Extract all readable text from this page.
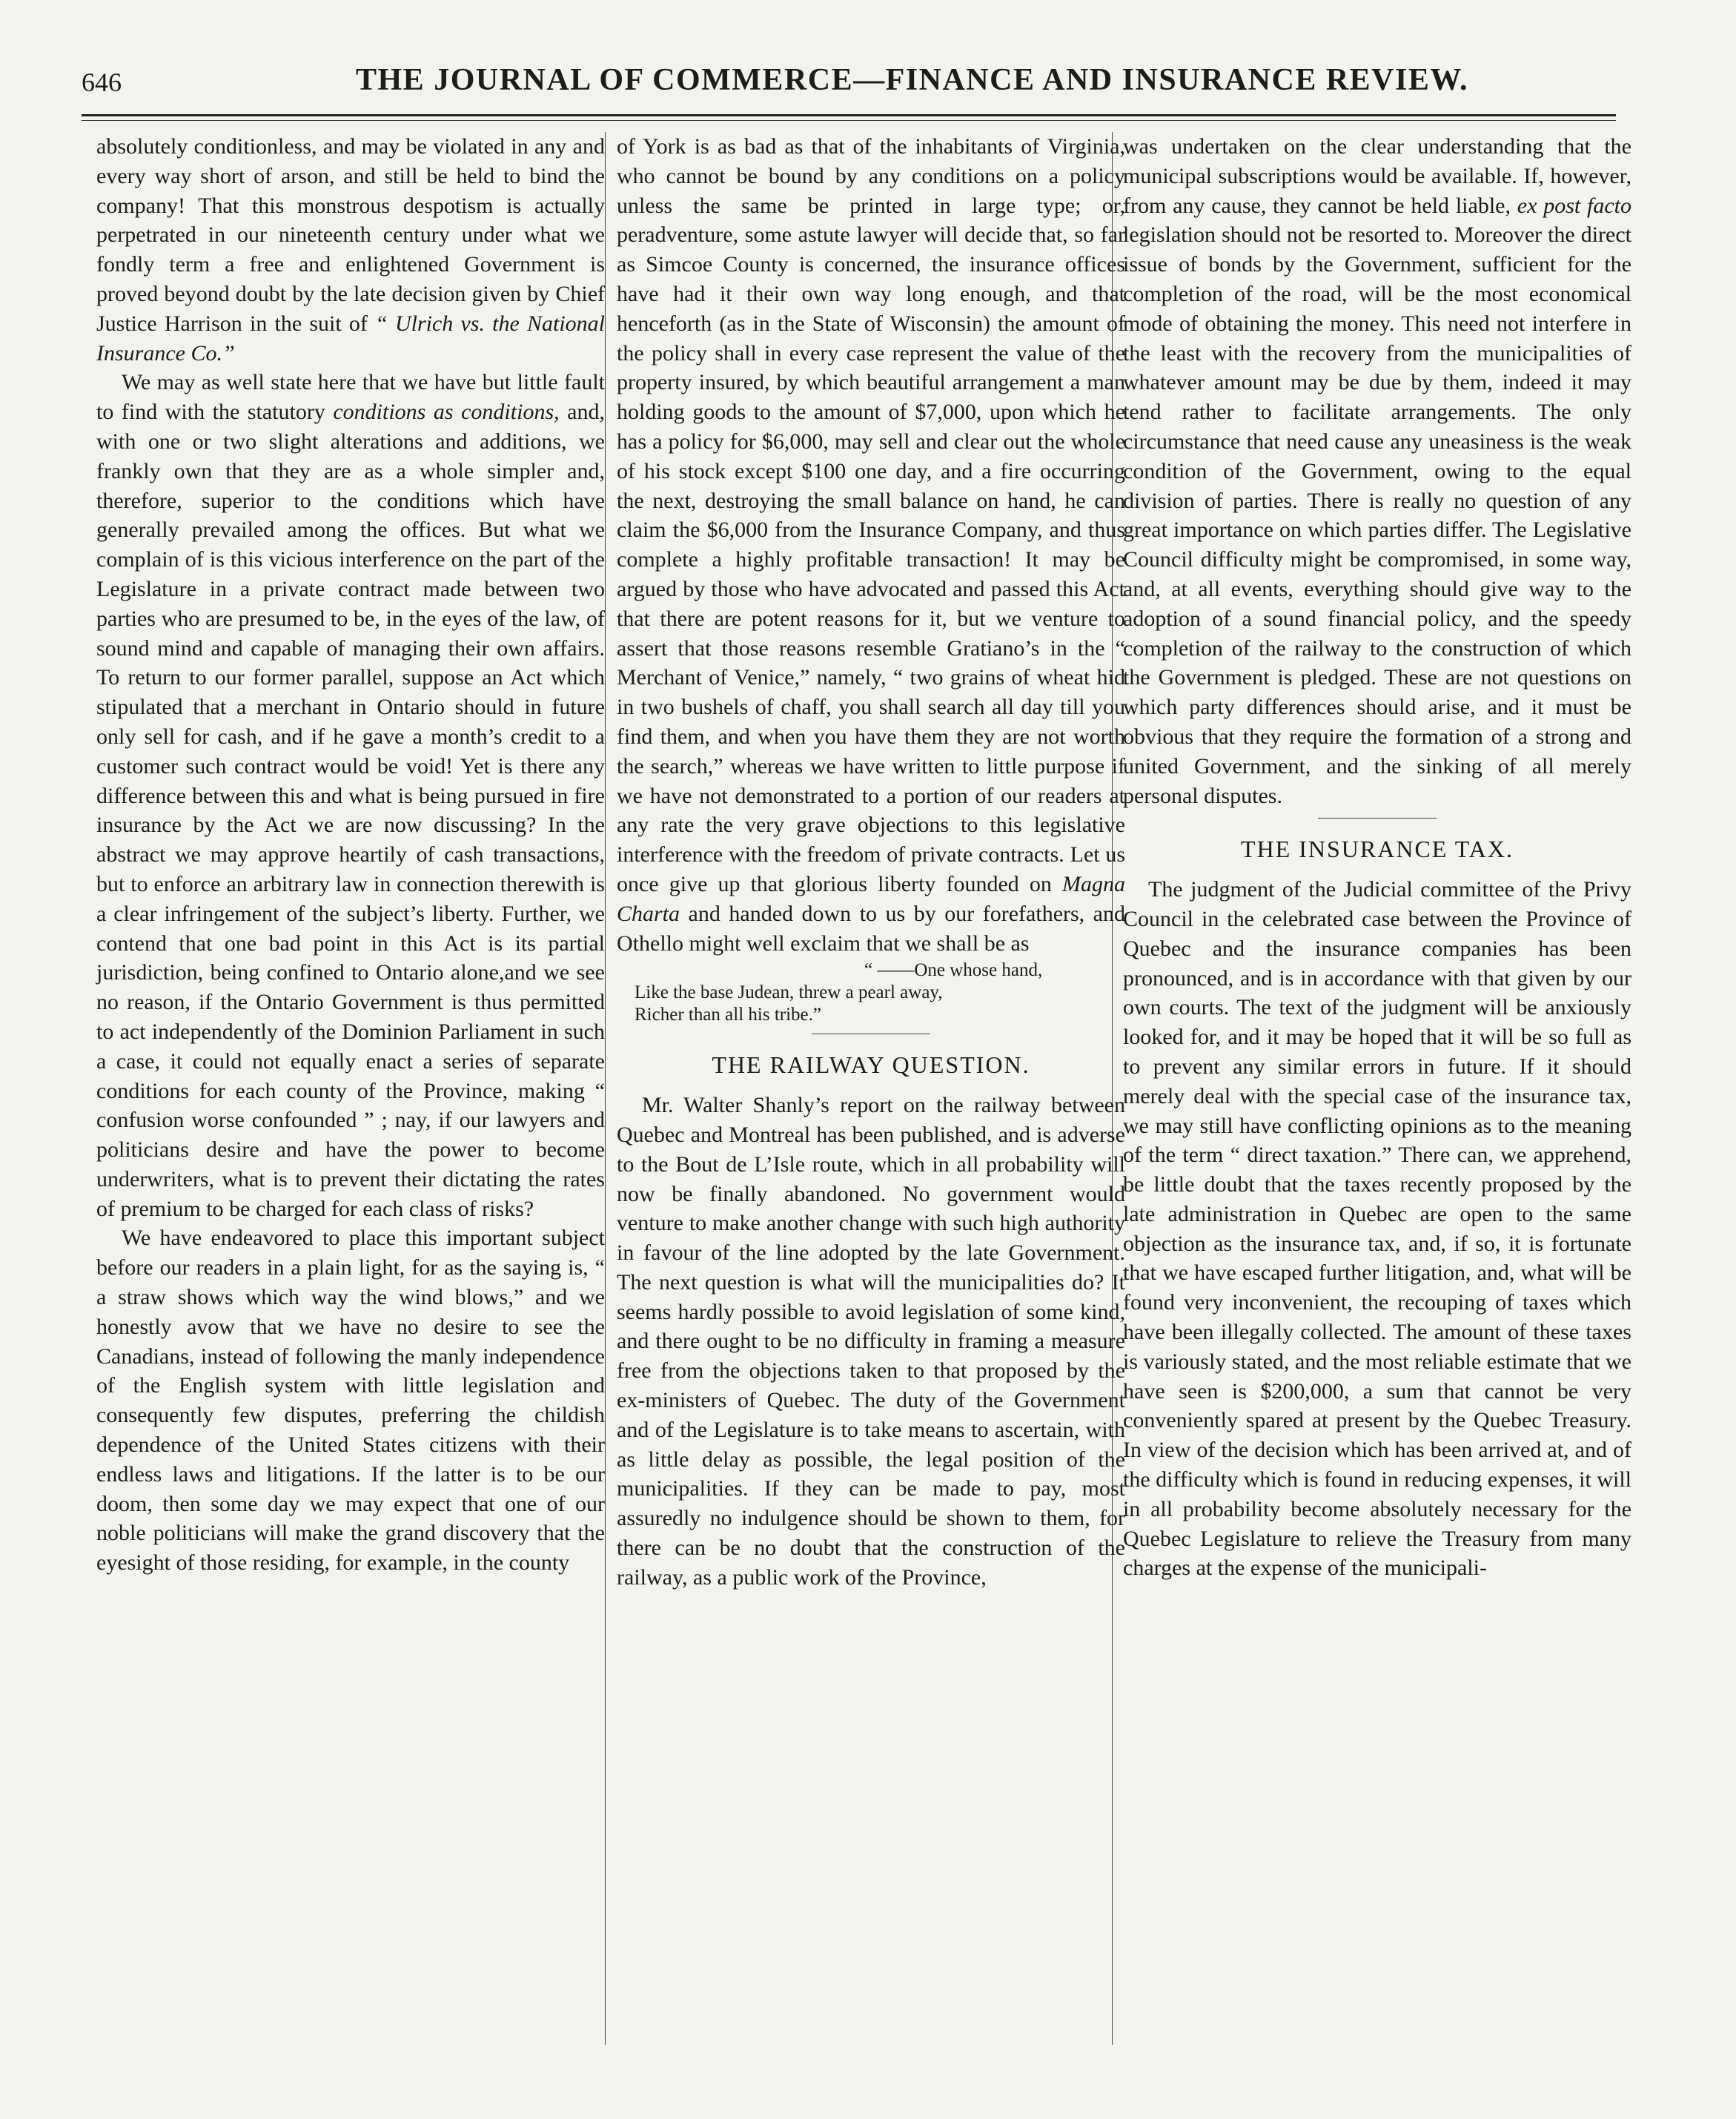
646	THE JOURNAL OF COMMERCE—FINANCE AND INSURANCE REVIEW.

absolutely conditionless, and may be violated in any and every way short of arson, and still be held to bind the company! That this monstrous despotism is actually perpetrated in our nineteenth century under what we fondly term a free and enlightened Government is proved beyond doubt by the late decision given by Chief Justice Harrison in the suit of “ Ulrich vs. the National Insurance Co.”

We may as well state here that we have but little fault to find with the statutory conditions as conditions, and, with one or two slight alterations and additions, we frankly own that they are as a whole simpler and, therefore, superior to the conditions which have generally prevailed among the offices. But what we complain of is this vicious interference on the part of the Legislature in a private contract made between two parties who are presumed to be, in the eyes of the law, of sound mind and capable of managing their own affairs. To return to our former parallel, suppose an Act which stipulated that a merchant in Ontario should in future only sell for cash, and if he gave a month’s credit to a customer such contract would be void! Yet is there any difference between this and what is being pursued in fire insurance by the Act we are now discussing? In the abstract we may approve heartily of cash transactions, but to enforce an arbitrary law in connection therewith is a clear infringement of the subject’s liberty. Further, we contend that one bad point in this Act is its partial jurisdiction, being confined to Ontario alone,and we see no reason, if the Ontario Government is thus permitted to act independently of the Dominion Parliament in such a case, it could not equally enact a series of separate conditions for each county of the Province, making “ confusion worse confounded ” ; nay, if our lawyers and politicians desire and have the power to become underwriters, what is to prevent their dictating the rates of premium to be charged for each class of risks?

We have endeavored to place this important subject before our readers in a plain light, for as the saying is, “ a straw shows which way the wind blows,” and we honestly avow that we have no desire to see the Canadians, instead of following the manly independence of the English system with little legislation and consequently few disputes, preferring the childish dependence of the United States citizens with their endless laws and litigations. If the latter is to be our doom, then some day we may expect that one of our noble politicians will make the grand discovery that the eyesight of those residing, for example, in the county

of York is as bad as that of the inhabitants of Virginia, who cannot be bound by any conditions on a policy unless the same be printed in large type; or, peradventure, some astute lawyer will decide that, so far as Simcoe County is concerned, the insurance offices have had it their own way long enough, and that henceforth (as in the State of Wisconsin) the amount of the policy shall in every case represent the value of the property insured, by which beautiful arrangement a man holding goods to the amount of $7,000, upon which he has a policy for $6,000, may sell and clear out the whole of his stock except $100 one day, and a fire occurring the next, destroying the small balance on hand, he can claim the $6,000 from the Insurance Company, and thus complete a highly profitable transaction! It may be argued by those who have advocated and passed this Act that there are potent reasons for it, but we venture to assert that those reasons resemble Gratiano’s in the “ Merchant of Venice,” namely, “ two grains of wheat hid in two bushels of chaff, you shall search all day till you find them, and when you have them they are not worth the search,” whereas we have written to little purpose if we have not demonstrated to a portion of our readers at any rate the very grave objections to this legislative interference with the freedom of private contracts. Let us once give up that glorious liberty founded on Magna Charta and handed down to us by our forefathers, and Othello might well exclaim that we shall be as

“ ——One whose hand,
Like the base Judean, threw a pearl away,
Richer than all his tribe.”
THE RAILWAY QUESTION.

Mr. Walter Shanly’s report on the railway between Quebec and Montreal has been published, and is adverse to the Bout de L’Isle route, which in all probability will now be finally abandoned. No government would venture to make another change with such high authority in favour of the line adopted by the late Government. The next question is what will the municipalities do? It seems hardly possible to avoid legislation of some kind, and there ought to be no difficulty in framing a measure free from the objections taken to that proposed by the ex-ministers of Quebec. The duty of the Government and of the Legislature is to take means to ascertain, with as little delay as possible, the legal position of the municipalities. If they can be made to pay, most assuredly no indulgence should be shown to them, for there can be no doubt that the construction of the railway, as a public work of the Province,

was undertaken on the clear understanding that the municipal subscriptions would be available. If, however, from any cause, they cannot be held liable, ex post facto legislation should not be resorted to. Moreover the direct issue of bonds by the Government, sufficient for the completion of the road, will be the most economical mode of obtaining the money. This need not interfere in the least with the recovery from the municipalities of whatever amount may be due by them, indeed it may tend rather to facilitate arrangements. The only circumstance that need cause any uneasiness is the weak condition of the Government, owing to the equal division of parties. There is really no question of any great importance on which parties differ. The Legislative Council difficulty might be compromised, in some way, and, at all events, everything should give way to the adoption of a sound financial policy, and the speedy completion of the railway to the construction of which the Government is pledged. These are not questions on which party differences should arise, and it must be obvious that they require the formation of a strong and united Government, and the sinking of all merely personal disputes.

THE INSURANCE TAX.

The judgment of the Judicial committee of the Privy Council in the celebrated case between the Province of Quebec and the insurance companies has been pronounced, and is in accordance with that given by our own courts. The text of the judgment will be anxiously looked for, and it may be hoped that it will be so full as to prevent any similar errors in future. If it should merely deal with the special case of the insurance tax, we may still have conflicting opinions as to the meaning of the term “ direct taxation.” There can, we apprehend, be little doubt that the taxes recently proposed by the late administration in Quebec are open to the same objection as the insurance tax, and, if so, it is fortunate that we have escaped further litigation, and, what will be found very inconvenient, the recouping of taxes which have been illegally collected. The amount of these taxes is variously stated, and the most reliable estimate that we have seen is $200,000, a sum that cannot be very conveniently spared at present by the Quebec Treasury. In view of the decision which has been arrived at, and of the difficulty which is found in reducing expenses, it will in all probability become absolutely necessary for the Quebec Legislature to relieve the Treasury from many charges at the expense of the municipali-
